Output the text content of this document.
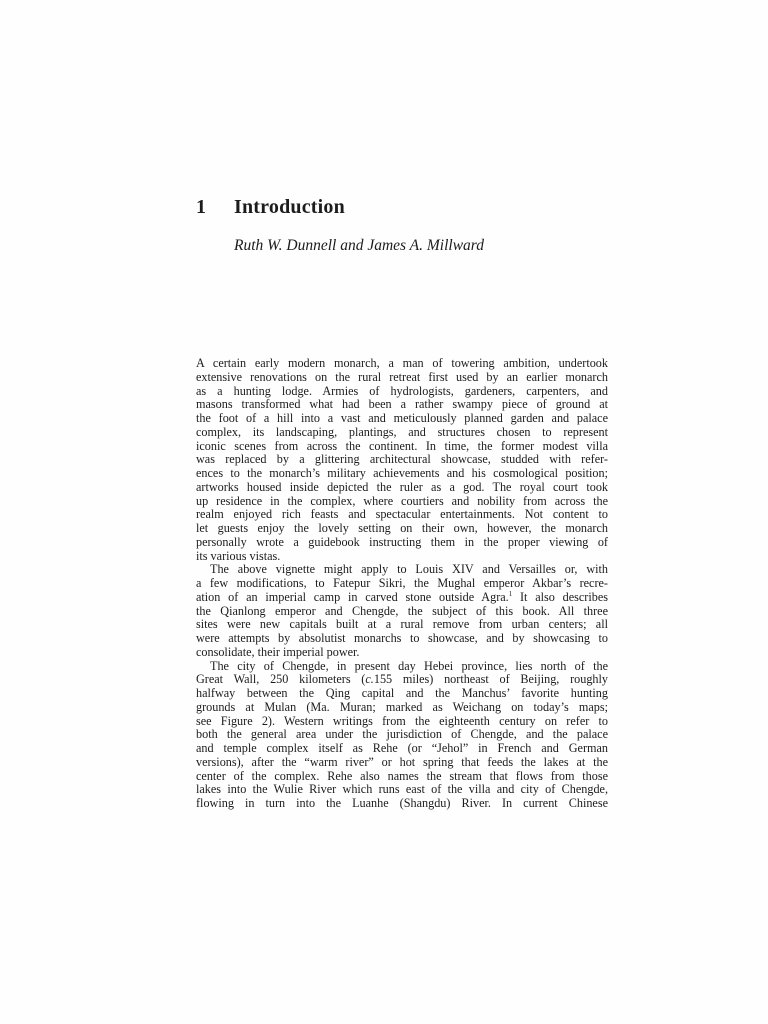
1 Introduction
Ruth W. Dunnell and James A. Millward
A certain early modern monarch, a man of towering ambition, undertook
extensive renovations on the rural retreat first used by an earlier monarch
as a hunting lodge. Armies of hydrologists, gardeners, carpenters, and
masons transformed what had been a rather swampy piece of ground at
the foot of a hill into a vast and meticulously planned garden and palace
complex, its landscaping, plantings, and structures chosen to represent
iconic scenes from across the continent. In time, the former modest villa
was replaced by a glittering architectural showcase, studded with refer-
ences to the monarch’s military achievements and his cosmological position;
artworks housed inside depicted the ruler as a god. The royal court took
up residence in the complex, where courtiers and nobility from across the
realm enjoyed rich feasts and spectacular entertainments. Not content to
let guests enjoy the lovely setting on their own, however, the monarch
personally wrote a guidebook instructing them in the proper viewing of
its various vistas.
The above vignette might apply to Louis XIV and Versailles or, with
a few modifications, to Fatepur Sikri, the Mughal emperor Akbar’s recre-
ation of an imperial camp in carved stone outside Agra.$^1$ It also describes
the Qianlong emperor and Chengde, the subject of this book. All three
sites were new capitals built at a rural remove from urban centers; all
were attempts by absolutist monarchs to showcase, and by showcasing to
consolidate, their imperial power.
The city of Chengde, in present day Hebei province, lies north of the
Great Wall, 250 kilometers (c.155 miles) northeast of Beijing, roughly
halfway between the Qing capital and the Manchus’ favorite hunting
grounds at Mulan (Ma. Muran; marked as Weichang on today’s maps;
see Figure 2). Western writings from the eighteenth century on refer to
both the general area under the jurisdiction of Chengde, and the palace
and temple complex itself as Rehe (or “Jehol” in French and German
versions), after the “warm river” or hot spring that feeds the lakes at the
center of the complex. Rehe also names the stream that flows from those
lakes into the Wulie River which runs east of the villa and city of Chengde,
flowing in turn into the Luanhe (Shangdu) River. In current Chinese
